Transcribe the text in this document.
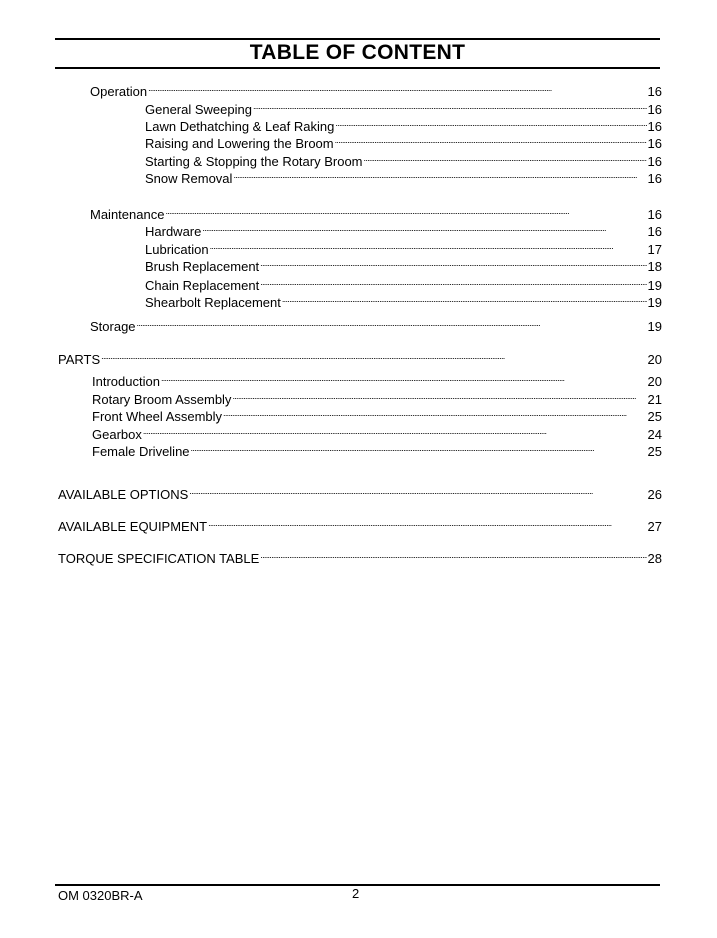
TABLE OF CONTENT
Operation . . .	16
General Sweeping . . .	16
Lawn Dethatching & Leaf Raking . . .	16
Raising and Lowering the Broom . . .	16
Starting & Stopping the Rotary Broom . . .	16
Snow Removal . . .	16
Maintenance . . .	16
Hardware . . .	16
Lubrication . . .	17
Brush Replacement . . .	18
Chain Replacement . . .	19
Shearbolt Replacement . . .	19
Storage . . .	19
PARTS . . .	20
Introduction . . .	20
Rotary Broom Assembly . . .	21
Front Wheel Assembly . . .	25
Gearbox . . .	24
Female Driveline . . .	25
AVAILABLE OPTIONS . . .	26
AVAILABLE EQUIPMENT . . .	27
TORQUE SPECIFICATION TABLE . . .	28
OM 0320BR-A	2
